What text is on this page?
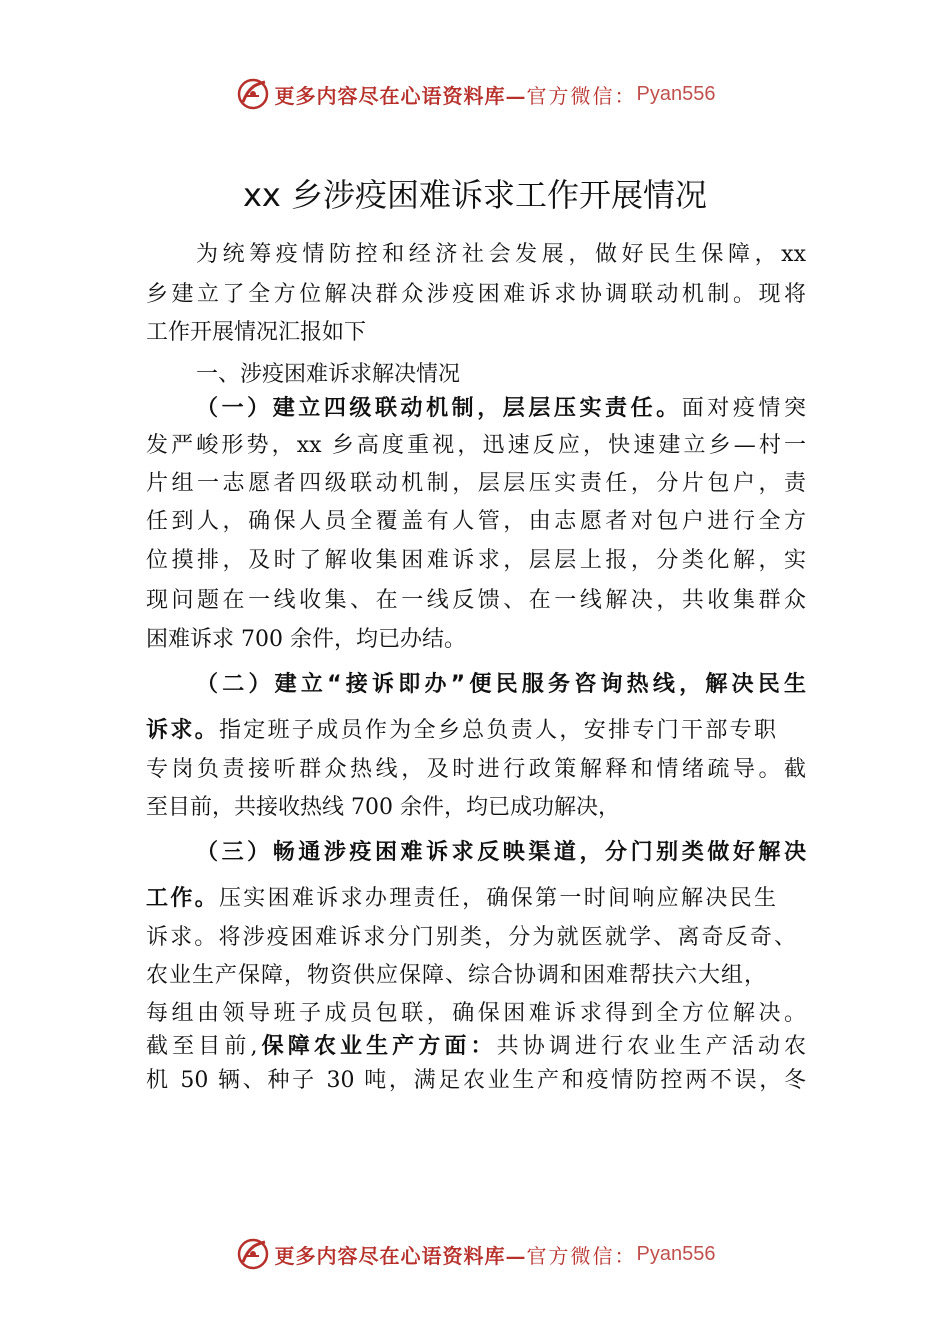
更多内容尽在心语资料库— 官方微信： Pyan556
xx 乡涉疫困难诉求工作开展情况
为统筹疫情防控和经济社会发展，做好民生保障，xx
乡建立了全方位解决群众涉疫困难诉求协调联动机制。现将
工作开展情况汇报如下
一、涉疫困难诉求解决情况
（一）建立四级联动机制，层层压实责任。面对疫情突
发严峻形势，xx 乡高度重视，迅速反应，快速建立乡—村一
片组一志愿者四级联动机制，层层压实责任，分片包户，责
任到人，确保人员全覆盖有人管，由志愿者对包户进行全方
位摸排，及时了解收集困难诉求，层层上报，分类化解，实
现问题在一线收集、在一线反馈、在一线解决，共收集群众
困难诉求 700 余件，均已办结。
（二）建立“接诉即办”便民服务咨询热线，解决民生
诉求。指定班子成员作为全乡总负责人，安排专门干部专职
专岗负责接听群众热线，及时进行政策解释和情绪疏导。截
至目前，共接收热线 700 余件，均已成功解决，
（三）畅通涉疫困难诉求反映渠道，分门别类做好解决
工作。压实困难诉求办理责任，确保第一时间响应解决民生
诉求。将涉疫困难诉求分门别类，分为就医就学、离奇反奇、
农业生产保障，物资供应保障、综合协调和困难帮扶六大组，
每组由领导班子成员包联，确保困难诉求得到全方位解决。
截至目前,保障农业生产方面：共协调进行农业生产活动农
机 50 辆、种子 30 吨，满足农业生产和疫情防控两不误，冬
更多内容尽在心语资料库— 官方微信： Pyan556
